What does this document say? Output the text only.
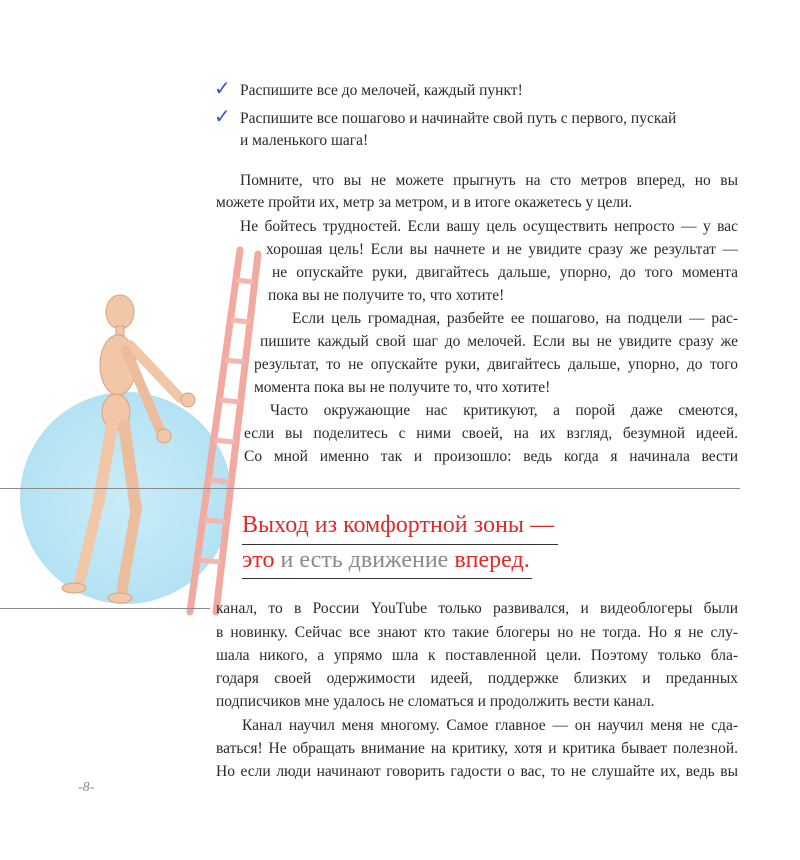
✓ Распишите все до мелочей, каждый пункт!
✓ Распишите все пошагово и начинайте свой путь с первого, пускай
и маленького шага!
Помните, что вы не можете прыгнуть на сто метров вперед, но вы
можете пройти их, метр за метром, и в итоге окажетесь у цели.
Не бойтесь трудностей. Если вашу цель осуществить непросто — у вас
хорошая цель! Если вы начнете и не увидите сразу же результат —
не опускайте руки, двигайтесь дальше, упорно, до того момента
пока вы не получите то, что хотите!
Если цель громадная, разбейте ее пошагово, на подцели — рас-
пишите каждый свой шаг до мелочей. Если вы не увидите сразу же
результат, то не опускайте руки, двигайтесь дальше, упорно, до того
момента пока вы не получите то, что хотите!
Часто окружающие нас критикуют, а порой даже смеются,
если вы поделитесь с ними своей, на их взгляд, безумной идеей.
Со мной именно так и произошло: ведь когда я начинала вести
Выход из комфортной зоны —
это и есть движение вперед.
канал, то в России YouTube только развивался, и видеоблогеры были
в новинку. Сейчас все знают кто такие блогеры но не тогда. Но я не слу-
шала никого, а упрямо шла к поставленной цели. Поэтому только бла-
годаря своей одержимости идеей, поддержке близких и преданных
подписчиков мне удалось не сломаться и продолжить вести канал.
Канал научил меня многому. Самое главное — он научил меня не сда-
ваться! Не обращать внимание на критику, хотя и критика бывает полезной.
Но если люди начинают говорить гадости о вас, то не слушайте их, ведь вы
-8-
